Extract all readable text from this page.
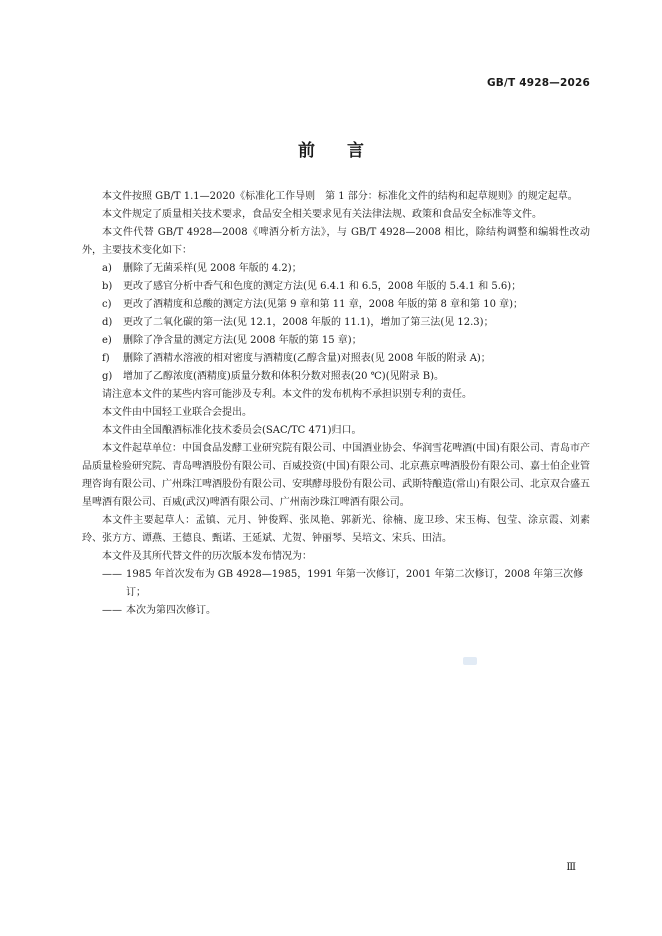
GB/T 4928—2026
前言

本文件按照 GB/T 1.1—2020《标准化工作导则　第 1 部分：标准化文件的结构和起草规则》的规定起草。

本文件规定了质量相关技术要求，食品安全相关要求见有关法律法规、政策和食品安全标准等文件。

本文件代替 GB/T 4928—2008《啤酒分析方法》，与 GB/T 4928—2008 相比，除结构调整和编辑性改动外，主要技术变化如下：

a)	删除了无菌采样(见 2008 年版的 4.2)；

b)	更改了感官分析中香气和色度的测定方法(见 6.4.1 和 6.5，2008 年版的 5.4.1 和 5.6)；

c)	更改了酒精度和总酸的测定方法(见第 9 章和第 11 章，2008 年版的第 8 章和第 10 章)；

d)	更改了二氧化碳的第一法(见 12.1，2008 年版的 11.1)，增加了第三法(见 12.3)；

e)	删除了净含量的测定方法(见 2008 年版的第 15 章)；

f)	删除了酒精水溶液的相对密度与酒精度(乙醇含量)对照表(见 2008 年版的附录 A)；

g)	增加了乙醇浓度(酒精度)质量分数和体积分数对照表(20 ℃)(见附录 B)。

请注意本文件的某些内容可能涉及专利。本文件的发布机构不承担识别专利的责任。

本文件由中国轻工业联合会提出。

本文件由全国酿酒标准化技术委员会(SAC/TC 471)归口。

本文件起草单位：中国食品发酵工业研究院有限公司、中国酒业协会、华润雪花啤酒(中国)有限公司、青岛市产品质量检验研究院、青岛啤酒股份有限公司、百威投资(中国)有限公司、北京燕京啤酒股份有限公司、嘉士伯企业管理咨询有限公司、广州珠江啤酒股份有限公司、安琪酵母股份有限公司、武斯特酿造(常山)有限公司、北京双合盛五星啤酒有限公司、百威(武汉)啤酒有限公司、广州南沙珠江啤酒有限公司。

本文件主要起草人：孟镇、元月、钟俊辉、张凤艳、郭新光、徐楠、庞卫珍、宋玉梅、包莹、涂京霞、刘素玲、张方方、谭燕、王德良、甄诺、王延斌、尤贺、钟丽琴、吴培文、宋兵、田洁。

本文件及其所代替文件的历次版本发布情况为：

—— 1985 年首次发布为 GB 4928—1985，1991 年第一次修订，2001 年第二次修订，2008 年第三次修订；

—— 本次为第四次修订。

Ⅲ
